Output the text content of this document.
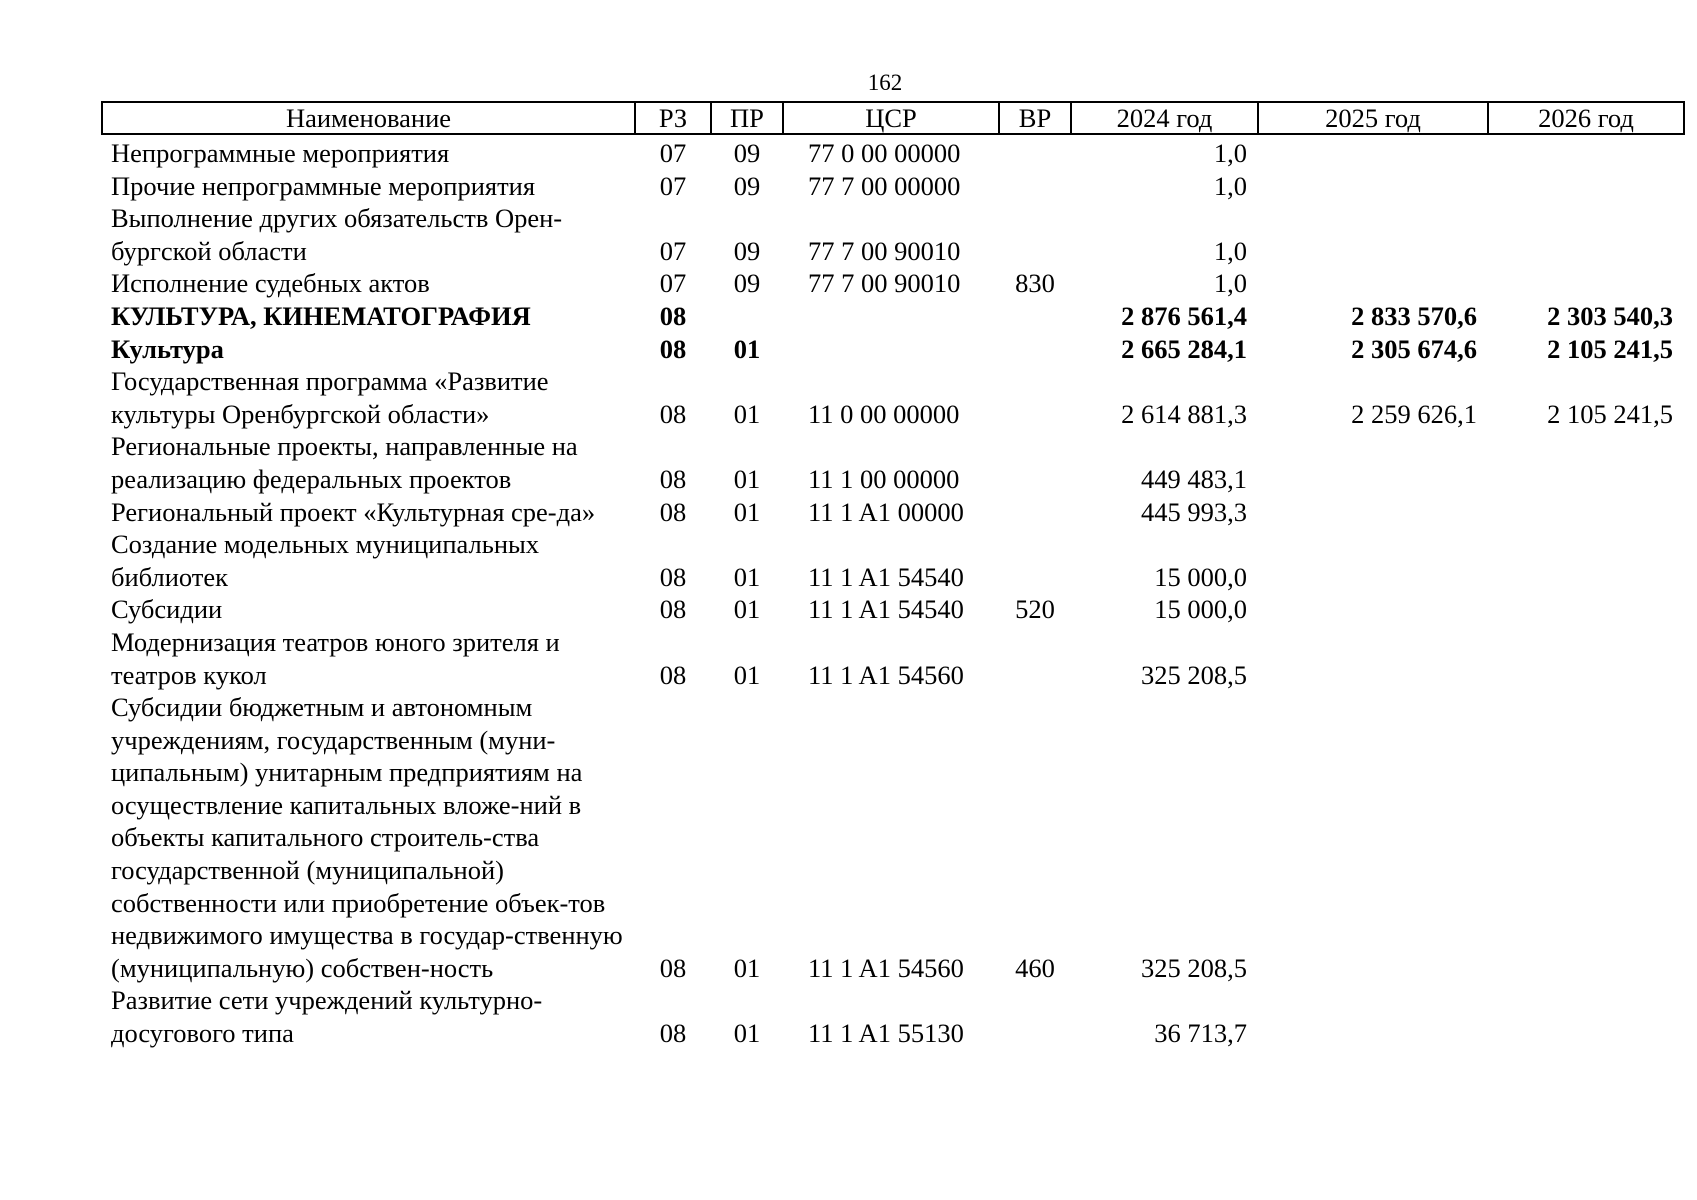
162
Наименование	РЗ	ПР	ЦСР	ВР	2024 год	2025 год	2026 год
Непрограммные мероприятия	07	09	77 0 00 00000		1,0		
Прочие непрограммные мероприятия	07	09	77 7 00 00000		1,0		
Выполнение других обязательств Орен-бургской области	07	09	77 7 00 90010		1,0		
Исполнение судебных актов	07	09	77 7 00 90010	830	1,0		
КУЛЬТУРА, КИНЕМАТОГРАФИЯ	08				2 876 561,4	2 833 570,6	2 303 540,3
Культура	08	01			2 665 284,1	2 305 674,6	2 105 241,5
Государственная программа «Развитие культуры Оренбургской области»	08	01	11 0 00 00000		2 614 881,3	2 259 626,1	2 105 241,5
Региональные проекты, направленные на реализацию федеральных проектов	08	01	11 1 00 00000		449 483,1		
Региональный проект «Культурная сре-да»	08	01	11 1 A1 00000		445 993,3		
Создание модельных муниципальных библиотек	08	01	11 1 A1 54540		15 000,0		
Субсидии	08	01	11 1 A1 54540	520	15 000,0		
Модернизация театров юного зрителя и театров кукол	08	01	11 1 A1 54560		325 208,5		
Субсидии бюджетным и автономным учреждениям, государственным (муни-ципальным) унитарным предприятиям на осуществление капитальных вложе-ний в объекты капитального строитель-ства государственной (муниципальной) собственности или приобретение объек-тов недвижимого имущества в государ-ственную (муниципальную) собствен-ность	08	01	11 1 A1 54560	460	325 208,5		
Развитие сети учреждений культурно-досугового типа	08	01	11 1 A1 55130		36 713,7		
